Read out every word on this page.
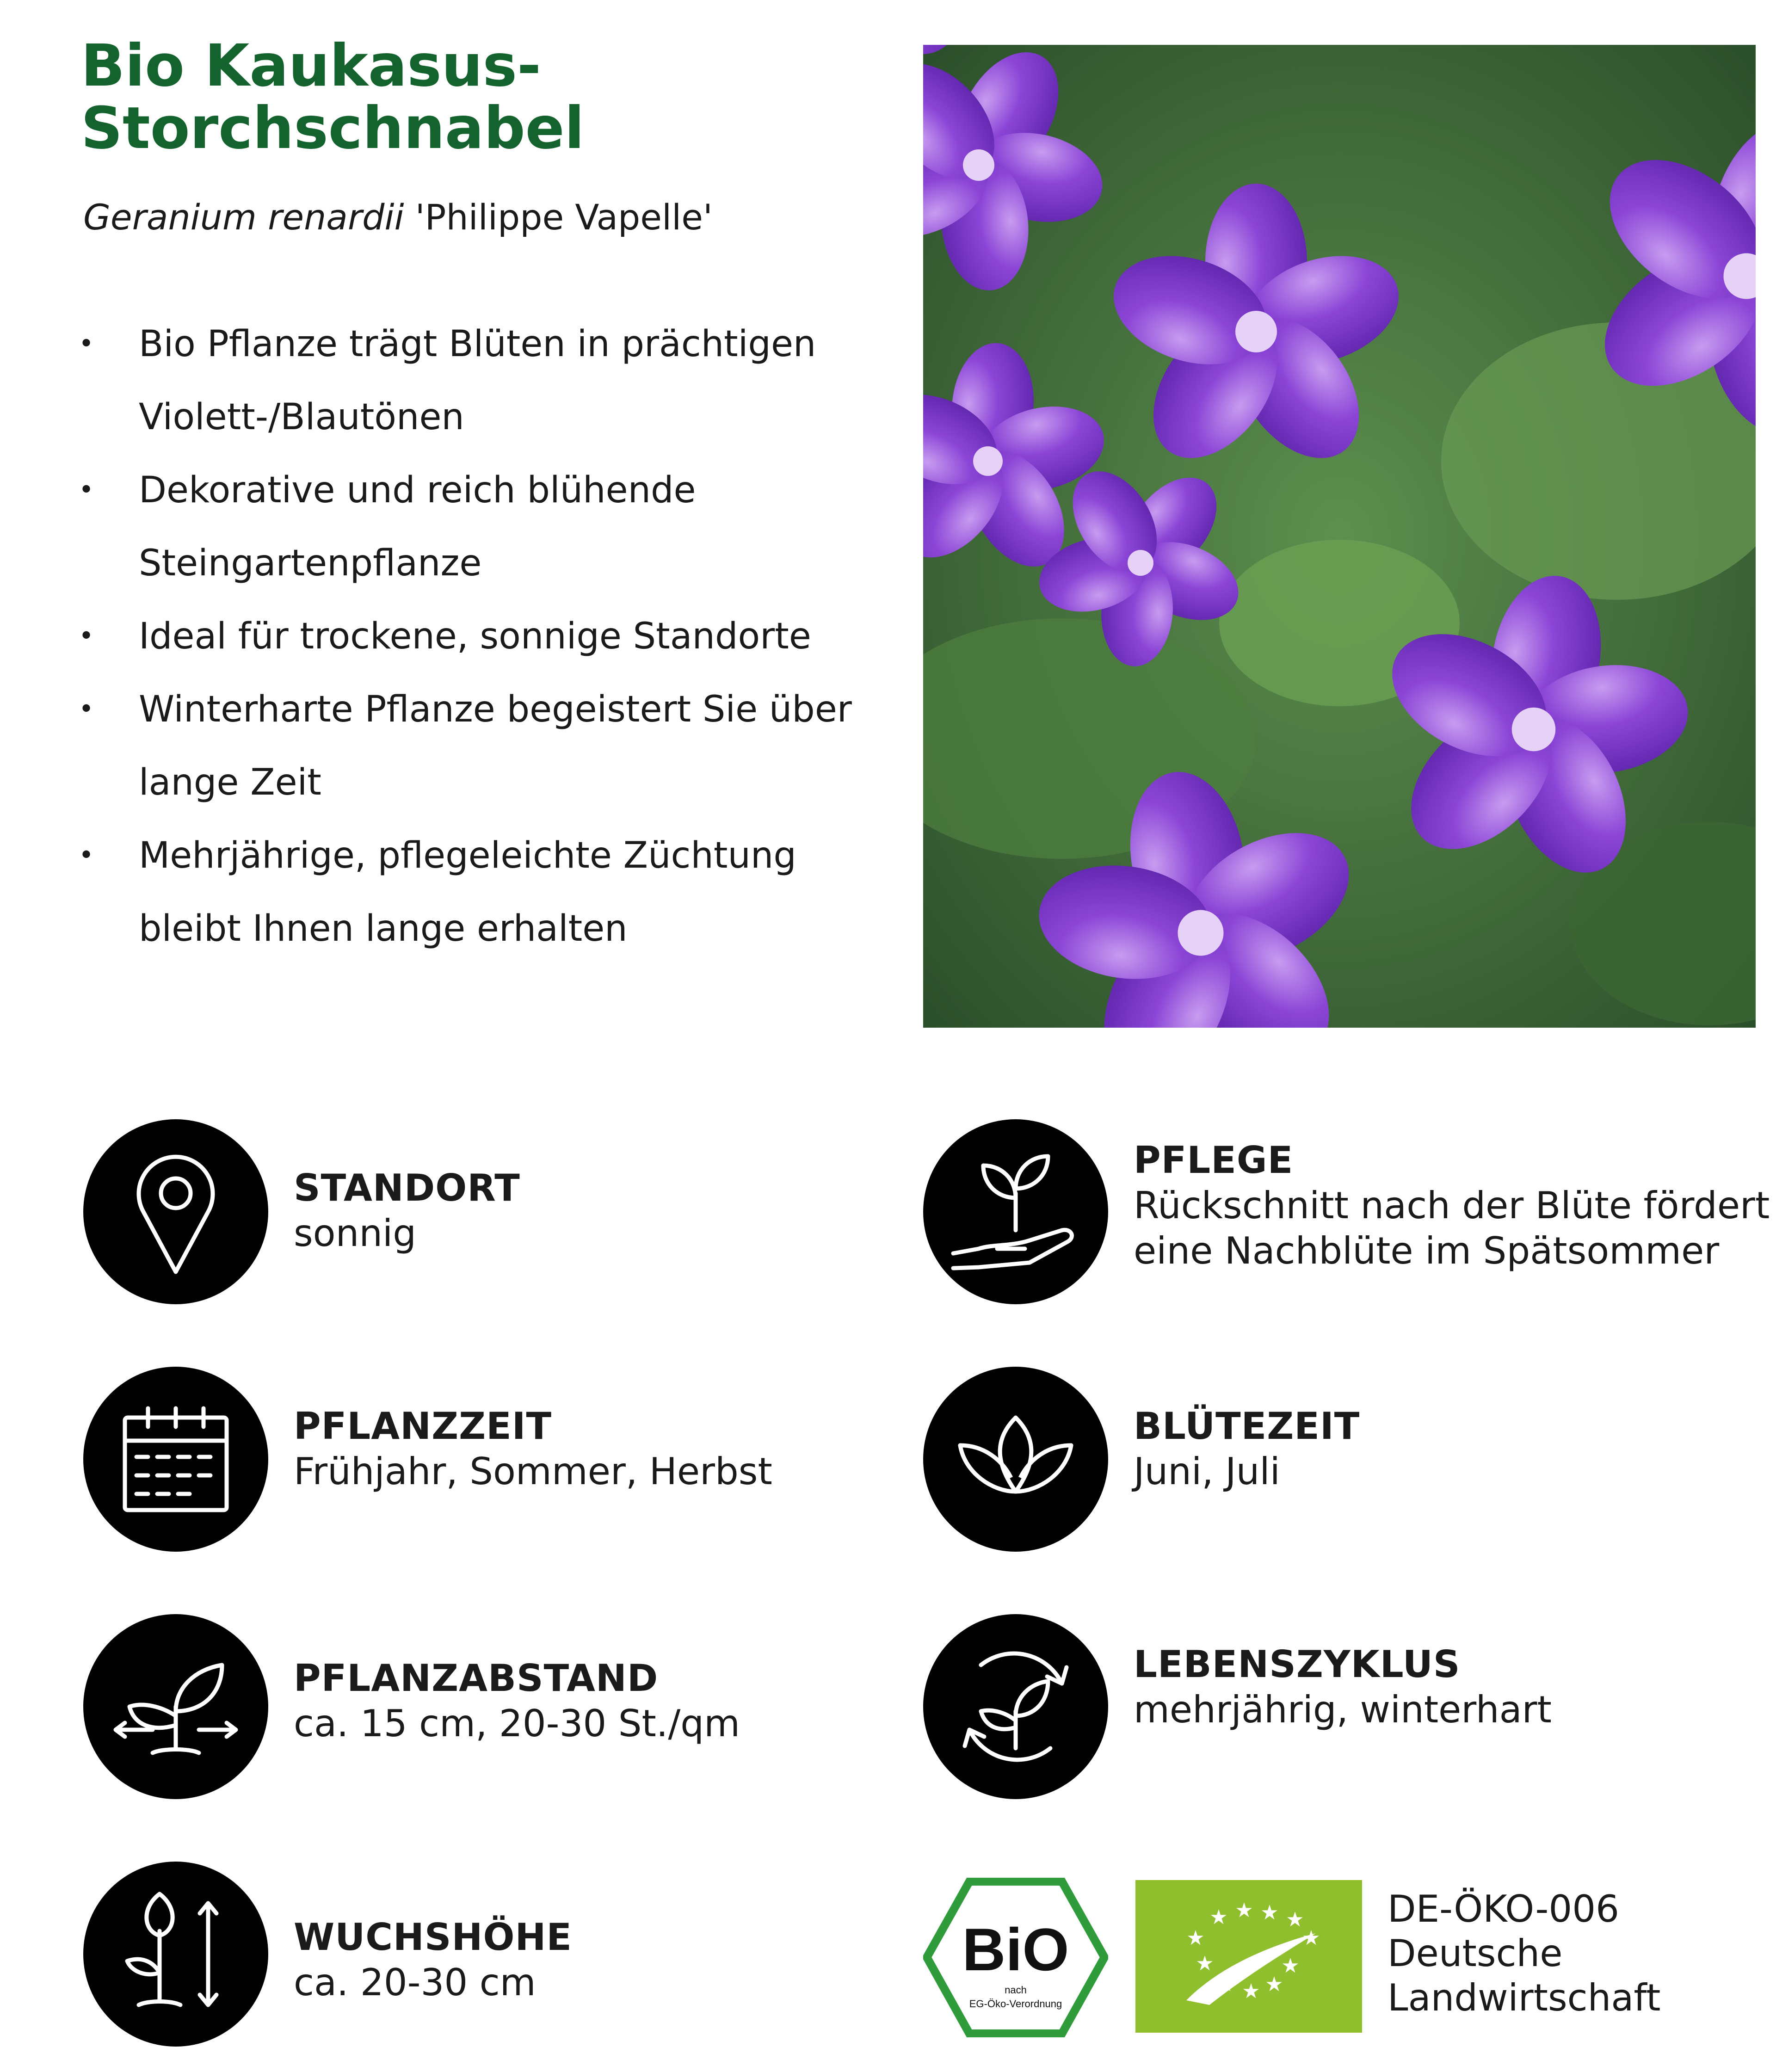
Bio Kaukasus-
Storchschnabel

Geranium renardii 'Philippe Vapelle'

• Bio Pflanze trägt Blüten in prächtigen Violett-/Blautönen
• Dekorative und reich blühende Steingartenpflanze
• Ideal für trockene, sonnige Standorte
• Winterharte Pflanze begeistert Sie über lange Zeit
• Mehrjährige, pflegeleichte Züchtung bleibt Ihnen lange erhalten

STANDORT

sonnig

PFLEGE

Rückschnitt nach der Blüte fördert eine Nachblüte im Spätsommer

PFLANZZEIT

Frühjahr, Sommer, Herbst

BLÜTEZEIT

Juni, Juli

PFLANZABSTAND

ca. 15 cm, 20-30 St./qm

LEBENSZYKLUS

mehrjährig, winterhart

WUCHSHÖHE

ca. 20-30 cm	BiO
nach
EG-Öko-Verordnung
★ ★ ★ ★
★	★
★	★
★ ★
DE-ÖKO-006
Deutsche
Landwirtschaft
